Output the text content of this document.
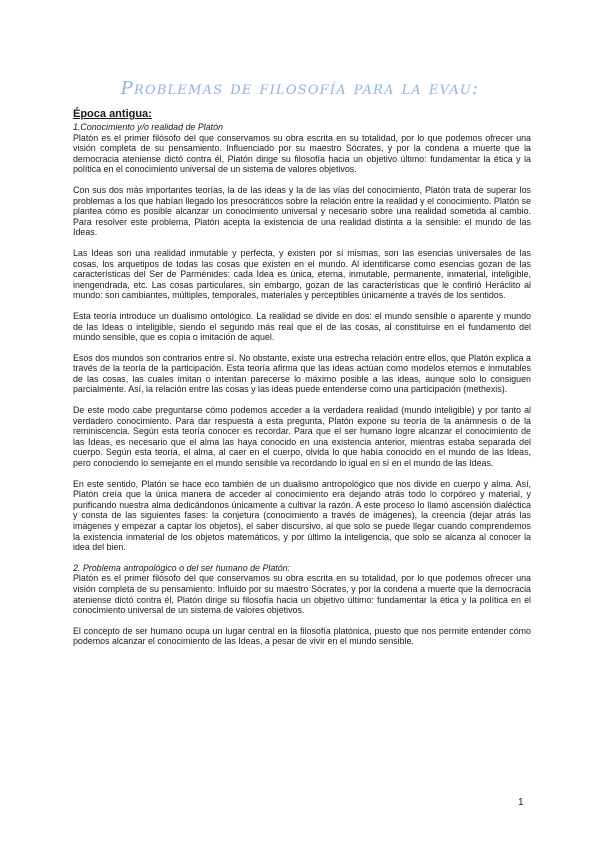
Problemas de filosofía para la evau:
Época antigua:
1.Conocimiento y/o realidad de Platón

Platón es el primer filósofo del que conservamos su obra escrita en su totalidad, por lo que podemos ofrecer una visión completa de su pensamiento. Influenciado por su maestro Sócrates, y por la condena a muerte que la democracia ateniense dictó contra él, Platón dirige su filosofía hacia un objetivo último: fundamentar la ética y la política en el conocimiento universal de un sistema de valores objetivos.

Con sus dos más importantes teorías, la de las ideas y la de las vías del conocimiento, Platón trata de superar los problemas a los que habían llegado los presocráticos sobre la relación entre la realidad y el conocimiento. Platón se plantea cómo es posible alcanzar un conocimiento universal y necesario sobre una realidad sometida al cambio. Para resolver este problema, Platón acepta la existencia de una realidad distinta a la sensible: el mundo de las Ideas.

Las Ideas son una realidad inmutable y perfecta, y existen por sí mismas, son las esencias universales de las cosas, los arquetipos de todas las cosas que existen en el mundo. Al identificarse como esencias gozan de las características del Ser de Parménides: cada Idea es única, eterna, inmutable, permanente, inmaterial, inteligible, inengendrada, etc. Las cosas particulares, sin embargo, gozan de las características que le confirió Heráclito al mundo: son cambiantes, múltiples, temporales, materiales y perceptibles únicamente a través de los sentidos.

Esta teoría introduce un dualismo ontológico. La realidad se divide en dos: el mundo sensible o aparente y mundo de las Ideas o inteligible, siendo el segundo más real que el de las cosas, al constituirse en el fundamento del mundo sensible, que es copia o imitación de aquel.

Esos dos mundos son contrarios entre sí. No obstante, existe una estrecha relación entre ellos, que Platón explica a través de la teoría de la participación. Esta teoría afirma que las ideas actúan como modelos eternos e inmutables de las cosas, las cuales imitan o intentan parecerse lo máximo posible a las ideas, aunque solo lo consiguen parcialmente. Así, la relación entre las cosas y las ideas puede entenderse como una participación (methexis).

De este modo cabe preguntarse cómo podemos acceder a la verdadera realidad (mundo inteligible) y por tanto al verdadero conocimiento. Para dar respuesta a esta pregunta, Platón expone su teoría de la anámnesis o de la reminiscencia. Según esta teoría conocer es recordar. Para que el ser humano logre alcanzar el conocimiento de las Ideas, es necesario que el alma las haya conocido en una existencia anterior, mientras estaba separada del cuerpo. Según esta teoría, el alma, al caer en el cuerpo, olvida lo que había conocido en el mundo de las Ideas, pero conociendo lo semejante en el mundo sensible va recordando lo igual en sí en el mundo de las Ideas.

En este sentido, Platón se hace eco también de un dualismo antropológico que nos divide en cuerpo y alma. Así, Platón creía que la única manera de acceder al conocimiento era dejando atrás todo lo corpóreo y material, y purificando nuestra alma dedicándonos únicamente a cultivar la razón. A este proceso lo llamó ascensión dialéctica y consta de las siguientes fases: la conjetura (conocimiento a través de imágenes), la creencia (dejar atrás las imágenes y empezar a captar los objetos), el saber discursivo, al que solo se puede llegar cuando comprendemos la existencia inmaterial de los objetos matemáticos, y por último la inteligencia, que solo se alcanza al conocer la idea del bien.

2. Problema antropológico o del ser humano de Platón:

Platón es el primer filósofo del que conservamos su obra escrita en su totalidad, por lo que podemos ofrecer una visión completa de su pensamiento. Influido por su maestro Sócrates, y por la condena a muerte que la democracia ateniense dictó contra él, Platón dirige su filosofía hacia un objetivo último: fundamentar la ética y la política en el conocimiento universal de un sistema de valores objetivos.

El concepto de ser humano ocupa un lugar central en la filosofía platónica, puesto que nos permite entender cómo podemos alcanzar el conocimiento de las Ideas, a pesar de vivir en el mundo sensible.

1
